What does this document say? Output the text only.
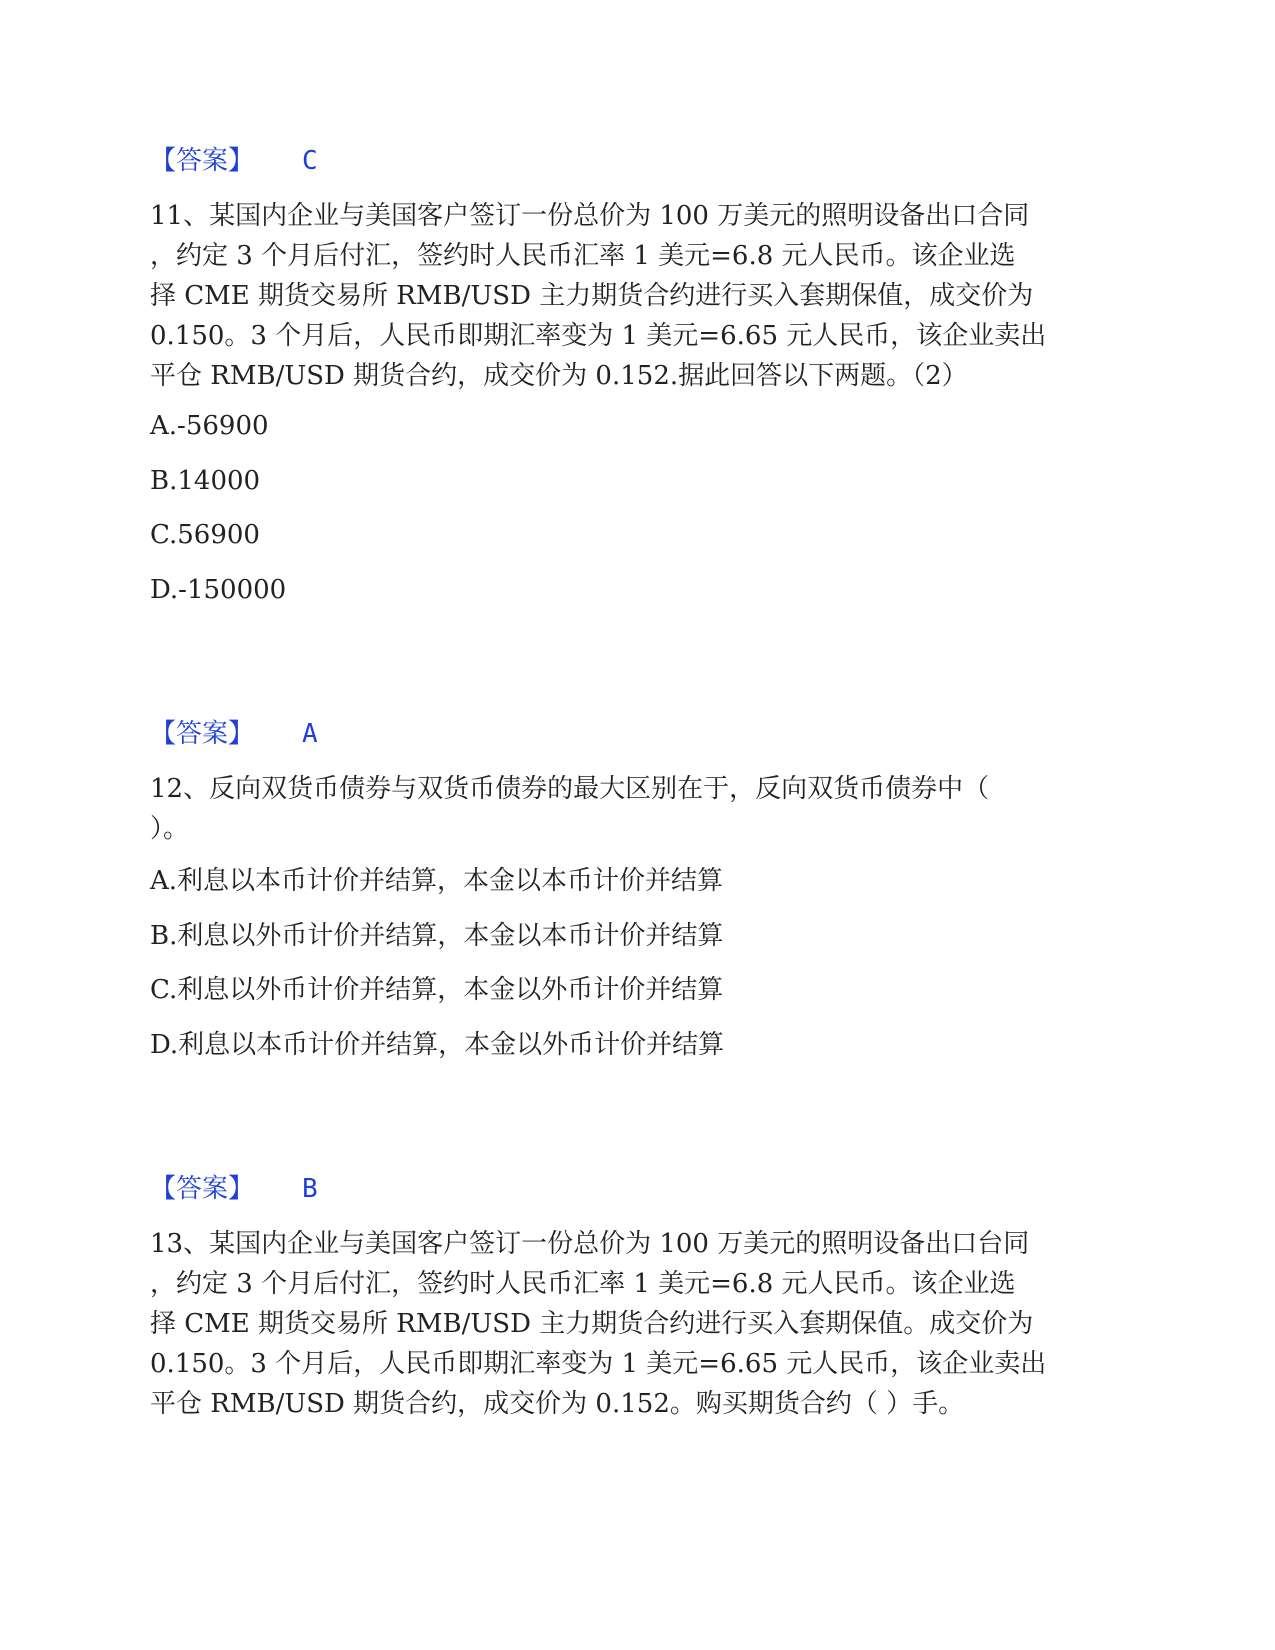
【答案】 C
11、某国内企业与美国客户签订一份总价为 100 万美元的照明设备出口合同
，约定 3 个月后付汇，签约时人民币汇率 1 美元=6.8 元人民币。该企业选
择 CME 期货交易所 RMB/USD 主力期货合约进行买入套期保值，成交价为
0.150。3 个月后，人民币即期汇率变为 1 美元=6.65 元人民币，该企业卖出
平仓 RMB/USD 期货合约，成交价为 0.152.据此回答以下两题。（2）
A.-56900
B.14000
C.56900
D.-150000
【答案】 A
12、反向双货币债券与双货币债券的最大区别在于，反向双货币债券中（
）。
A.利息以本币计价并结算，本金以本币计价并结算
B.利息以外币计价并结算，本金以本币计价并结算
C.利息以外币计价并结算，本金以外币计价并结算
D.利息以本币计价并结算，本金以外币计价并结算
【答案】 B
13、某国内企业与美国客户签订一份总价为 100 万美元的照明设备出口台同
，约定 3 个月后付汇，签约时人民币汇率 1 美元=6.8 元人民币。该企业选
择 CME 期货交易所 RMB/USD 主力期货合约进行买入套期保值。成交价为
0.150。3 个月后，人民币即期汇率变为 1 美元=6.65 元人民币，该企业卖出
平仓 RMB/USD 期货合约，成交价为 0.152。购买期货合约（ ）手。
